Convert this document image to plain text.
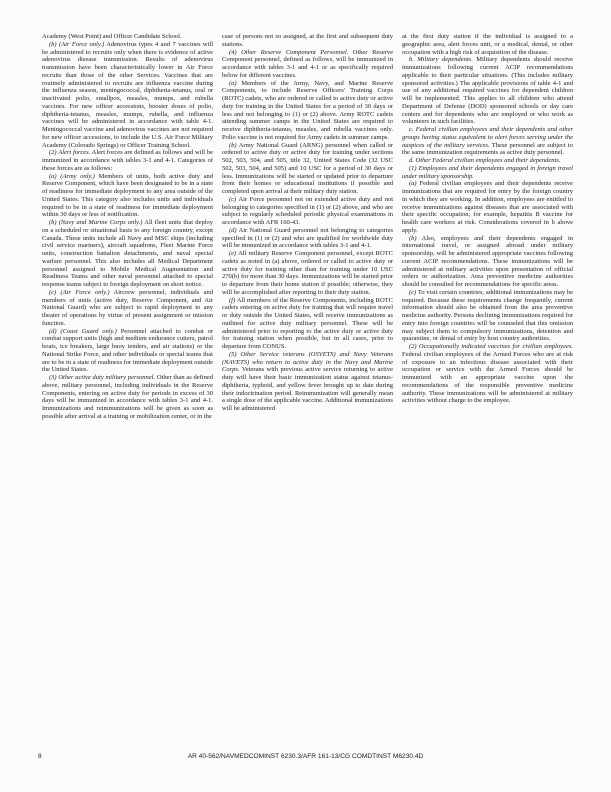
Academy (West Point) and Officer Candidate School.

(b) (Air Force only.) Adenovirus types 4 and 7 vaccines will be administered to recruits only when there is evidence of active adenovirus disease transmission. Results of adenovirus transmission have been characteristically lower in Air Force recruits than those of the other Services. Vaccines that are routinely administered to recruits are influenza vaccine during the influenza season, meningococcal, diphtheria-tetanus, oral or inactivated polio, smallpox, measles, mumps, and rubella vaccines. For new officer accessions, booster doses of polio, diphtheria-tetanus, measles, mumps, rubella, and influenza vaccines will be administered in accordance with table 4-1. Meningococcal vaccine and adenovirus vaccines are not required for new officer accessions, to include the U.S. Air Force Military Academy (Colorado Springs) or Officer Training School.

(2) Alert forces. Alert forces are defined as follows and will be immunized in accordance with tables 3-1 and 4-1. Categories of these forces are as follows:

(a) (Army only.) Members of units, both active duty and Reserve Component, which have been designated to be in a state of readiness for immediate deployment to any area outside of the United States. This category also includes units and individuals required to be in a state of readiness for immediate deployment within 30 days or less of notification.

(b) (Navy and Marine Corps only.) All fleet units that deploy on a scheduled or situational basis to any foreign country, except Canada. These units include all Navy and MSC ships (including civil service mariners), aircraft squadrons, Fleet Marine Force units, construction battalion detachments, and naval special warfare personnel. This also includes all Medical Department personnel assigned to Mobile Medical Augmentation and Readiness Teams and other naval personnel attached to special response teams subject to foreign deployment on short notice.

(c) (Air Force only.) Aircrew personnel, individuals and members of units (active duty, Reserve Component, and Air National Guard) who are subject to rapid deployment to any theater of operations by virtue of present assignment or mission function.

(d) (Coast Guard only.) Personnel attached to combat or combat support units (high and medium endurance cutters, patrol boats, ice breakers, large buoy tenders, and air stations) or the National Strike Force, and other individuals or special teams that are to be in a state of readiness for immediate deployment outside the United States.

(3) Other active duty military personnel. Other than as defined above, military personnel, including individuals in the Reserve Components, entering on active duty for periods in excess of 30 days will be immunized in accordance with tables 3-1 and 4-1. Immunizations and reimmunizations will be given as soon as possible after arrival at a training or mobilization center, or in the

case of persons not so assigned, at the first and subsequent duty stations.

(4) Other Reserve Component Personnel. Other Reserve Component personnel, defined as follows, will be immunized in accordance with tables 3-1 and 4-1 or as specifically required below for different vaccines.

(a) Members of the Army, Navy, and Marine Reserve Components, to include Reserve Officers' Training Corps (ROTC) cadets, who are ordered or called to active duty or active duty for training in the United States for a period of 30 days or less and not belonging to (1) or (2) above. Army ROTC cadets attending summer camps in the United States are required to receive diphtheria-tetanus, measles, and rubella vaccines only. Polio vaccine is not required for Army cadets in summer camps.

(b) Army National Guard (ARNG) personnel when called or ordered to active duty or active duty for training under sections 502, 503, 504, and 505, title 32, United States Code (32 USC 502, 503, 504, and 505) and 10 USC for a period of 30 days or less. Immunizations will be started or updated prior to departure from their homes or educational institutions if possible and completed upon arrival at their military duty station.

(c) Air Force personnel not on extended active duty and not belonging to categories specified in (1) or (2) above, and who are subject to regularly scheduled periodic physical examinations in accordance with AFR 160-43.

(d) Air National Guard personnel not belonging to categories specified in (1) or (2) and who are qualified for worldwide duty will be immunized in accordance with tables 3-1 and 4-1.

(e) All military Reserve Component personnel, except ROTC cadets as noted in (a) above, ordered or called to active duty or active duty for training other than for training under 10 USC 270(b) for more than 30 days. Immunizations will be started prior to departure from their home station if possible; otherwise, they will be accomplished after reporting to their duty station.

(f) All members of the Reserve Components, including ROTC cadets entering on active duty for training that will require travel or duty outside the United States, will receive immunizations as outlined for active duty military personnel. These will be administered prior to reporting to the active duty or active duty for training station when possible, but in all cases, prior to departure from CONUS.

(5) Other Service veterans (OSVETS) and Navy Veterans (NAVETS) who return to active duty in the Navy and Marine Corps. Veterans with previous active service returning to active duty will have their basic immunization status against tetanus-diphtheria, typhoid, and yellow fever brought up to date during their indoctrination period. Reimmunization will generally mean a single dose of the applicable vaccine. Additional immunizations will be administered

at the first duty station if the individual is assigned to a geographic area, alert forces unit, or a medical, dental, or other occupation with a high risk of acquisition of the disease.

b. Military dependents. Military dependents should receive immunizations following current ACIP recommendations applicable to their particular situations. (This includes military sponsored activities.) The applicable provisions of table 4-1 and use of any additional required vaccines for dependent children will be implemented. This applies to all children who attend Department of Defense (DOD) sponsored schools or day care centers and for dependents who are employed or who work as volunteers in such facilities.

c. Federal civilian employees and their dependents and other groups having status equivalent to alert forces serving under the auspices of the military services. These personnel are subject to the same immunization requirements as active duty personnel.

d. Other Federal civilian employees and their dependents.

(1) Employees and their dependents engaged in foreign travel under military sponsorship.

(a) Federal civilian employees and their dependents receive immunizations that are required for entry by the foreign country in which they are working. In addition, employees are entitled to receive immunizations against diseases that are associated with their specific occupation; for example, hepatitis B vaccine for health care workers at risk. Considerations covered in b above apply.

(b) Also, employees and their dependents engaged in international travel, or assigned abroad under military sponsorship, will be administered appropriate vaccines following current ACIP recommendations. These immunizations will be administered at military activities upon presentation of official orders or authorization. Area preventive medicine authorities should be consulted for recommendations for specific areas.

(c) To visit certain countries, additional immunizations may be required. Because these requirements change frequently, current information should also be obtained from the area preventive medicine authority. Persons declining immunizations required for entry into foreign countries will be counseled that this omission may subject them to compulsory immunizations, detention and quarantine, or denial of entry by host country authorities.

(2) Occupationally indicated vaccines for civilian employees. Federal civilian employees of the Armed Forces who are at risk of exposure to an infectious disease associated with their occupation or service with the Armed Forces should be immunized with an appropriate vaccine upon the recommendations of the responsible preventive medicine authority. These immunizations will be administered at military activities without charge to the employee.

8	AR 40-562/NAVMEDCOMINST 6230.3/AFR 161-13/CG COMDTINST M6230.4D
